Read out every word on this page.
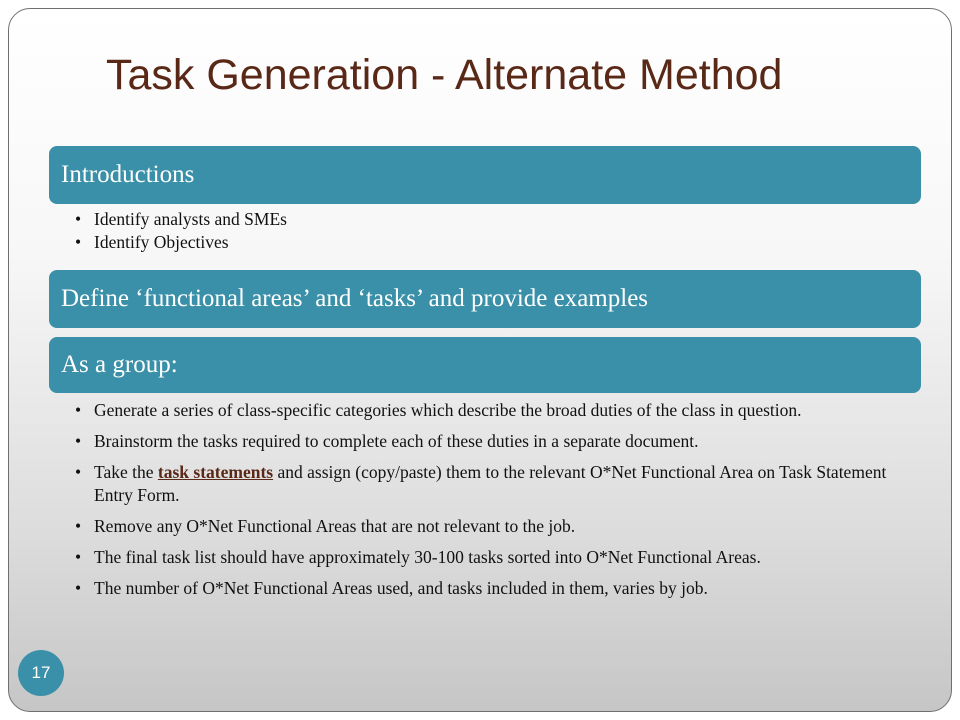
Task Generation - Alternate Method
Introductions
• Identify analysts and SMEs
• Identify Objectives
Define ‘functional areas’ and ‘tasks’ and provide examples
As a group:
• Generate a series of class-specific categories which describe the broad duties of the class in question.
• Brainstorm the tasks required to complete each of these duties in a separate document.
• Take the task statements and assign (copy/paste) them to the relevant O*Net Functional Area on Task Statement Entry Form.
• Remove any O*Net Functional Areas that are not relevant to the job.
• The final task list should have approximately 30-100 tasks sorted into O*Net Functional Areas.
• The number of O*Net Functional Areas used, and tasks included in them, varies by job.
17
